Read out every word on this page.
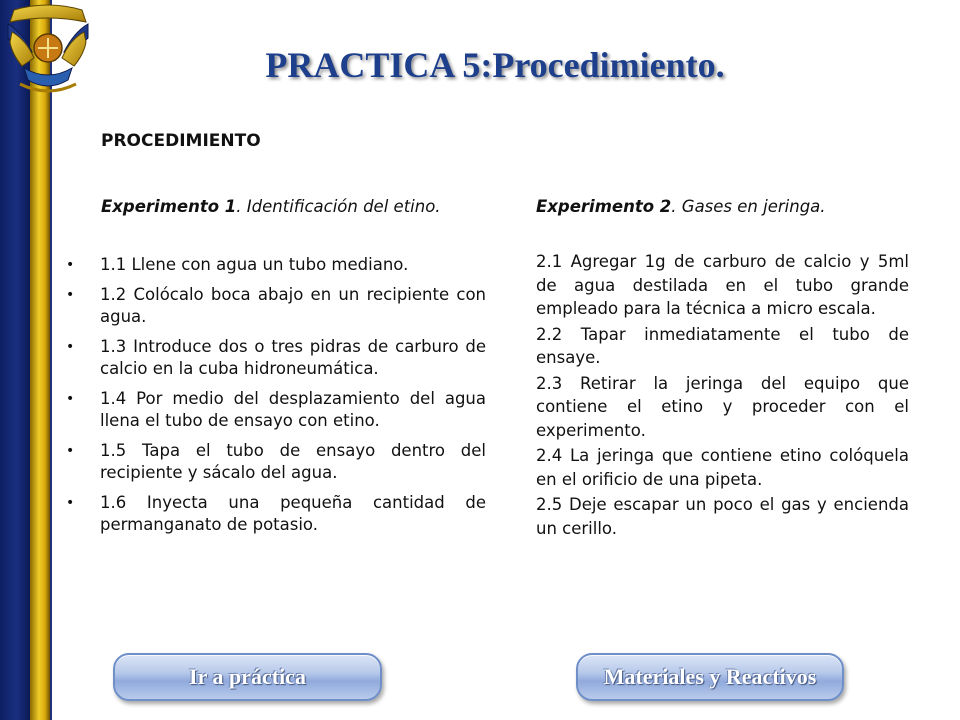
PRACTICA 5:Procedimiento.

PROCEDIMIENTO

Experimento 1. Identificación del etino.	Experimento 2. Gases en jeringa.

• 1.1 Llene con agua un tubo mediano.
• 1.2 Colócalo boca abajo en un recipiente con agua.
• 1.3 Introduce dos o tres pidras de carburo de calcio en la cuba hidroneumática.
• 1.4 Por medio del desplazamiento del agua llena el tubo de ensayo con etino.
• 1.5 Tapa el tubo de ensayo dentro del recipiente y sácalo del agua.
• 1.6 Inyecta una pequeña cantidad de permanganato de potasio.
2.1 Agregar 1g de carburo de calcio y 5ml de agua destilada en el tubo grande empleado para la técnica a micro escala.
2.2 Tapar inmediatamente el tubo de ensaye.
2.3 Retirar la jeringa del equipo que contiene el etino y proceder con el experimento.
2.4 La jeringa que contiene etino colóquela en el orificio de una pipeta.
2.5 Deje escapar un poco el gas y encienda un cerillo.
Ir a práctica	Materiales y Reactivos
